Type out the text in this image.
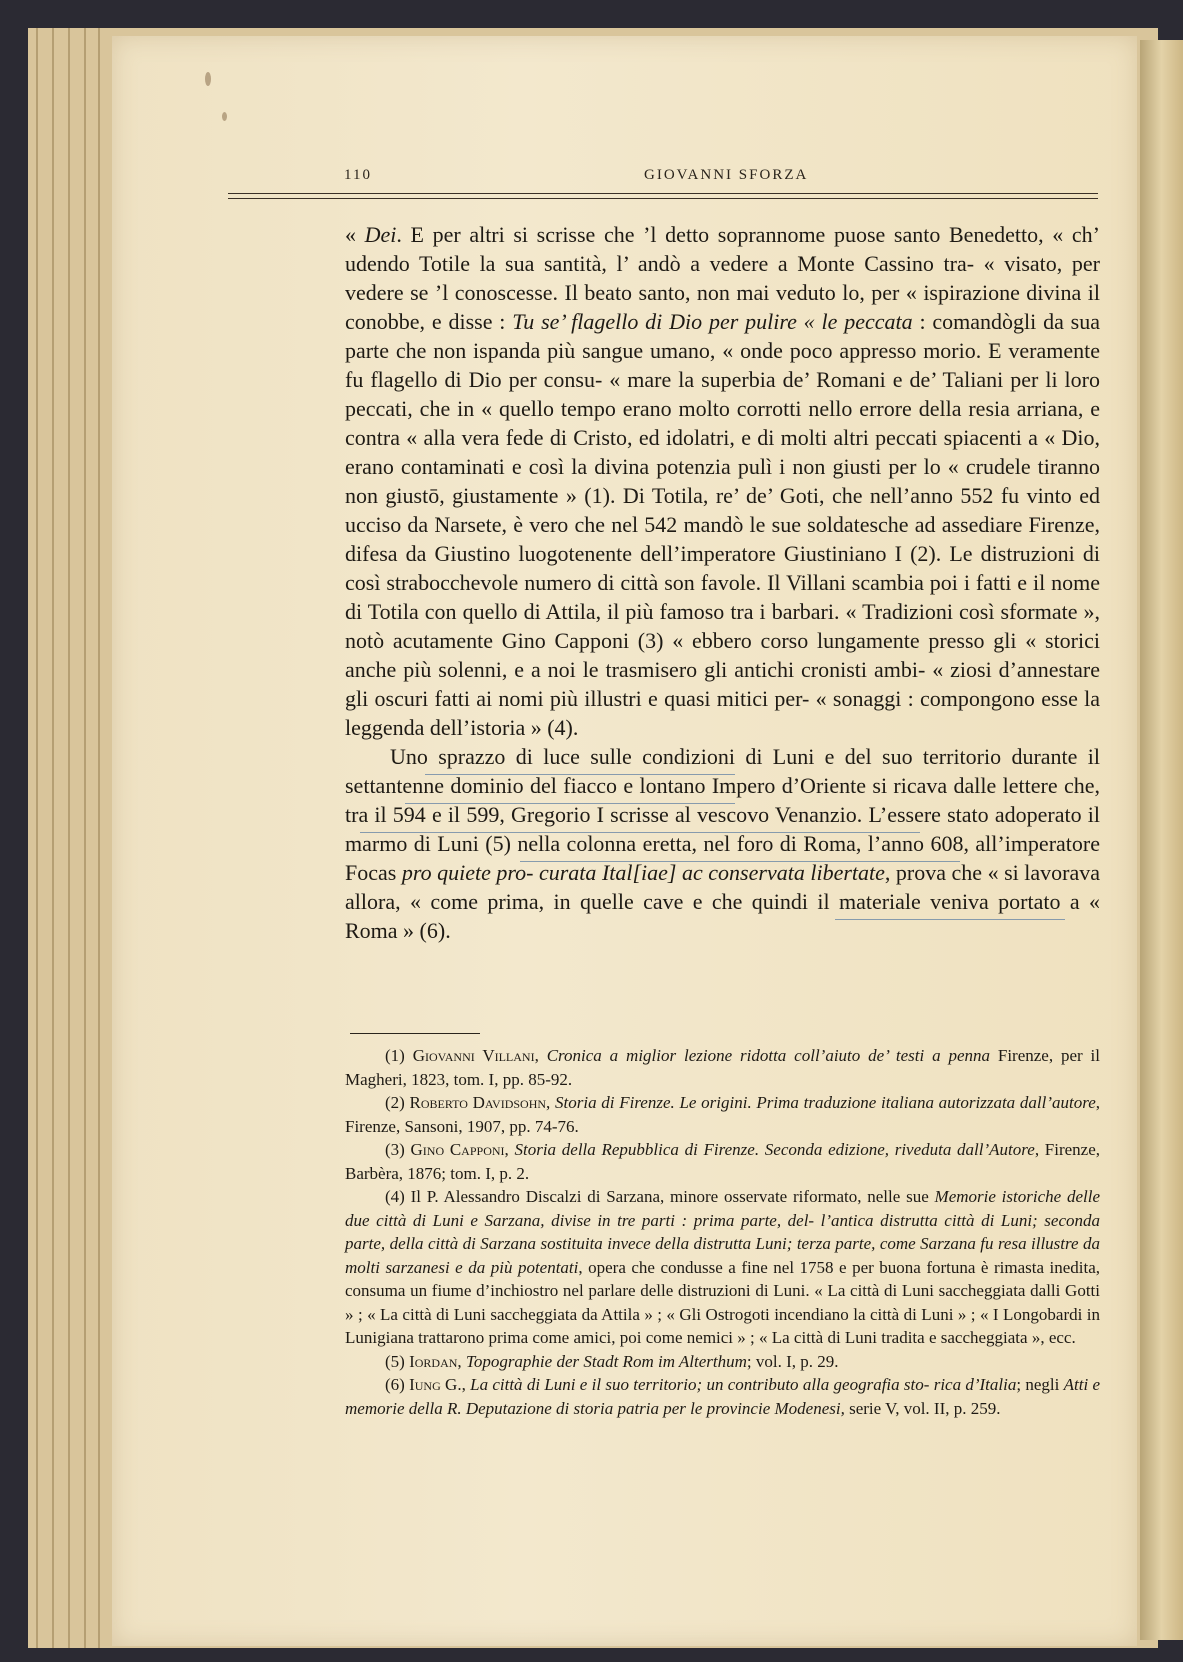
110	GIOVANNI SFORZA

« Dei. E per altri si scrisse che ’l detto soprannome puose santo Benedetto, « ch’ udendo Totile la sua santità, l’ andò a vedere a Monte Cassino tra- « visato, per vedere se ’l conoscesse. Il beato santo, non mai veduto lo, per « ispirazione divina il conobbe, e disse : Tu se’ flagello di Dio per pulire « le peccata : comandògli da sua parte che non ispanda più sangue umano, « onde poco appresso morio. E veramente fu flagello di Dio per consu- « mare la superbia de’ Romani e de’ Taliani per li loro peccati, che in « quello tempo erano molto corrotti nello errore della resia arriana, e contra « alla vera fede di Cristo, ed idolatri, e di molti altri peccati spiacenti a « Dio, erano contaminati e così la divina potenzia pulì i non giusti per lo « crudele tiranno non giustō, giustamente » (1). Di Totila, re’ de’ Goti, che nell’anno 552 fu vinto ed ucciso da Narsete, è vero che nel 542 mandò le sue soldatesche ad assediare Firenze, difesa da Giustino luogotenente dell’imperatore Giustiniano I (2). Le distruzioni di così strabocchevole numero di città son favole. Il Villani scambia poi i fatti e il nome di Totila con quello di Attila, il più famoso tra i barbari. « Tradizioni così sformate », notò acutamente Gino Capponi (3) « ebbero corso lungamente presso gli « storici anche più solenni, e a noi le trasmisero gli antichi cronisti ambi- « ziosi d’annestare gli oscuri fatti ai nomi più illustri e quasi mitici per- « sonaggi : compongono esse la leggenda dell’istoria » (4).

Uno sprazzo di luce sulle condizioni di Luni e del suo territorio durante il settantenne dominio del fiacco e lontano Impero d’Oriente si ricava dalle lettere che, tra il 594 e il 599, Gregorio I scrisse al vescovo Venanzio. L’essere stato adoperato il marmo di Luni (5) nella colonna eretta, nel foro di Roma, l’anno 608, all’imperatore Focas pro quiete pro- curata Ital[iae] ac conservata libertate, prova che « si lavorava allora, « come prima, in quelle cave e che quindi il materiale veniva portato a « Roma » (6).

(1) Giovanni Villani, Cronica a miglior lezione ridotta coll’aiuto de’ testi a penna Firenze, per il Magheri, 1823, tom. I, pp. 85-92.

(2) Roberto Davidsohn, Storia di Firenze. Le origini. Prima traduzione italiana autorizzata dall’autore, Firenze, Sansoni, 1907, pp. 74-76.

(3) Gino Capponi, Storia della Repubblica di Firenze. Seconda edizione, riveduta dall’Autore, Firenze, Barbèra, 1876; tom. I, p. 2.

(4) Il P. Alessandro Discalzi di Sarzana, minore osservate riformato, nelle sue Memorie istoriche delle due città di Luni e Sarzana, divise in tre parti : prima parte, del- l’antica distrutta città di Luni; seconda parte, della città di Sarzana sostituita invece della distrutta Luni; terza parte, come Sarzana fu resa illustre da molti sarzanesi e da più potentati, opera che condusse a fine nel 1758 e per buona fortuna è rimasta inedita, consuma un fiume d’inchiostro nel parlare delle distruzioni di Luni. « La città di Luni saccheggiata dalli Gotti » ; « La città di Luni saccheggiata da Attila » ; « Gli Ostrogoti incendiano la città di Luni » ; « I Longobardi in Lunigiana trattarono prima come amici, poi come nemici » ; « La città di Luni tradita e saccheggiata », ecc.

(5) Iordan, Topographie der Stadt Rom im Alterthum; vol. I, p. 29.

(6) Iung G., La città di Luni e il suo territorio; un contributo alla geografia sto- rica d’Italia; negli Atti e memorie della R. Deputazione di storia patria per le provincie Modenesi, serie V, vol. II, p. 259.
